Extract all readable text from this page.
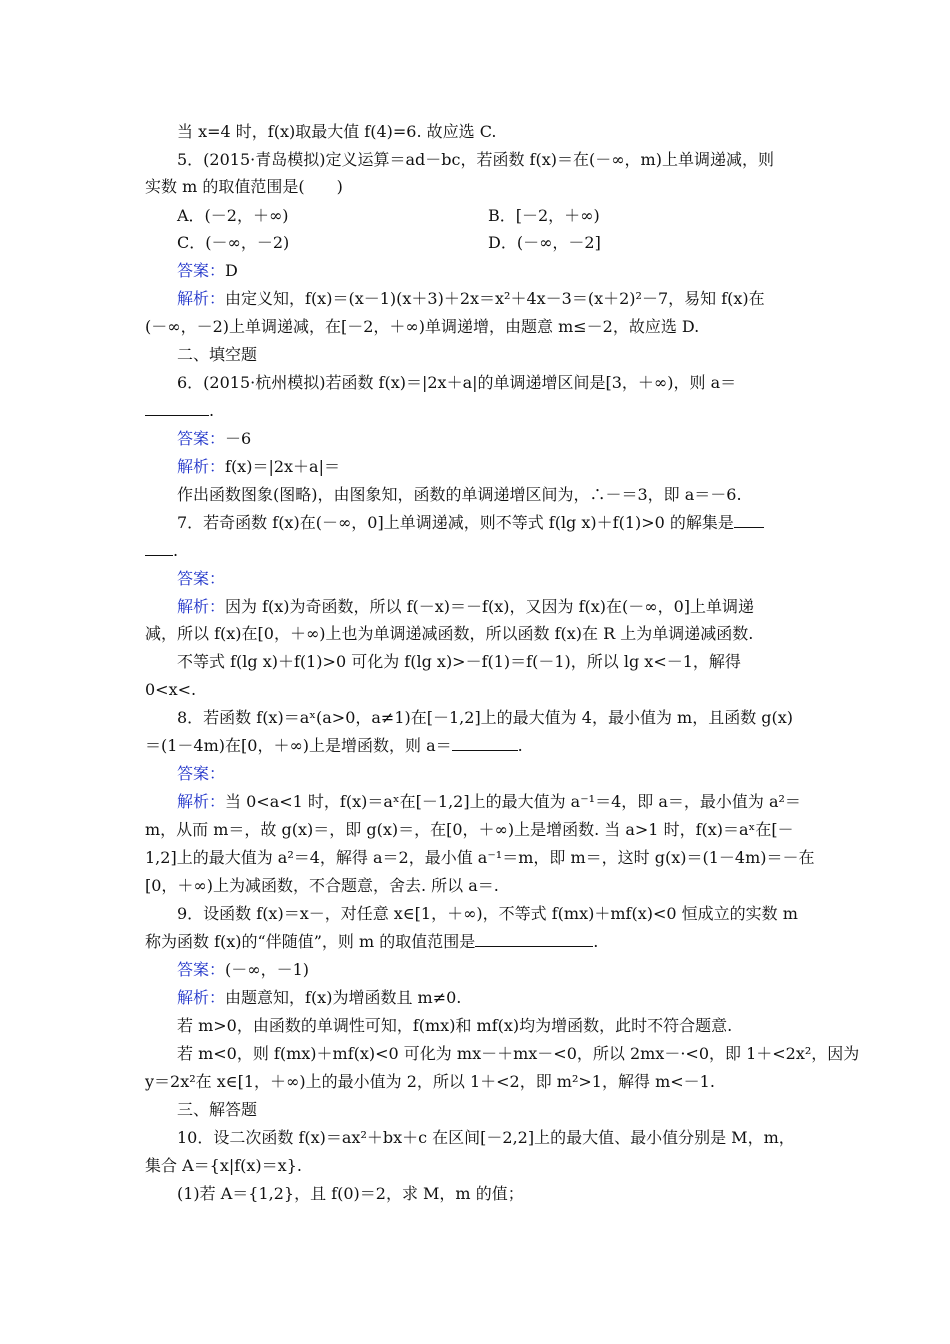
当 x=4 时，f(x)取最大值 f(4)=6. 故应选 C.
5．(2015·青岛模拟)定义运算＝ad－bc，若函数 f(x)＝在(－∞，m)上单调递减，则
实数 m 的取值范围是(　　)
A．(－2，＋∞)	B．[－2，＋∞)
C．(－∞，－2)	D．(－∞，－2]
答案：D
解析：由定义知，f(x)＝(x－1)(x＋3)＋2x＝x²＋4x－3＝(x＋2)²－7，易知 f(x)在
(－∞，－2)上单调递减，在[－2，＋∞)单调递增，由题意 m≤－2，故应选 D.
二、填空题
6．(2015·杭州模拟)若函数 f(x)＝|2x＋a|的单调递增区间是[3，＋∞)，则 a＝
.
答案：－6
解析：f(x)＝|2x＋a|＝
作出函数图象(图略)，由图象知，函数的单调递增区间为，∴－＝3，即 a＝－6.
7．若奇函数 f(x)在(－∞，0]上单调递减，则不等式 f(lg x)＋f(1)>0 的解集是
.
答案：
解析：因为 f(x)为奇函数，所以 f(－x)＝－f(x)，又因为 f(x)在(－∞，0]上单调递
减，所以 f(x)在[0，＋∞)上也为单调递减函数，所以函数 f(x)在 R 上为单调递减函数.
不等式 f(lg x)＋f(1)>0 可化为 f(lg x)>－f(1)＝f(－1)，所以 lg x<－1，解得
0<x<.
8．若函数 f(x)＝aˣ(a>0，a≠1)在[－1,2]上的最大值为 4，最小值为 m，且函数 g(x)
＝(1－4m)在[0，＋∞)上是增函数，则 a＝	.
答案：
解析：当 0<a<1 时，f(x)＝aˣ在[－1,2]上的最大值为 a⁻¹＝4，即 a＝，最小值为 a²＝
m，从而 m＝，故 g(x)＝，即 g(x)＝，在[0，＋∞)上是增函数. 当 a>1 时，f(x)＝aˣ在[－
1,2]上的最大值为 a²＝4，解得 a＝2，最小值 a⁻¹＝m，即 m＝，这时 g(x)＝(1－4m)＝－在
[0，＋∞)上为减函数，不合题意，舍去. 所以 a＝.
9．设函数 f(x)＝x－，对任意 x∈[1，＋∞)，不等式 f(mx)＋mf(x)<0 恒成立的实数 m
称为函数 f(x)的“伴随值”，则 m 的取值范围是	.
答案：(－∞，－1)
解析：由题意知，f(x)为增函数且 m≠0.
若 m>0，由函数的单调性可知，f(mx)和 mf(x)均为增函数，此时不符合题意.
若 m<0，则 f(mx)＋mf(x)<0 可化为 mx－＋mx－<0，所以 2mx－·<0，即 1＋<2x²，因为
y＝2x²在 x∈[1，＋∞)上的最小值为 2，所以 1＋<2，即 m²>1，解得 m<－1.
三、解答题
10．设二次函数 f(x)＝ax²＋bx＋c 在区间[－2,2]上的最大值、最小值分别是 M，m，
集合 A＝{x|f(x)＝x}.
(1)若 A＝{1,2}，且 f(0)＝2，求 M，m 的值；
